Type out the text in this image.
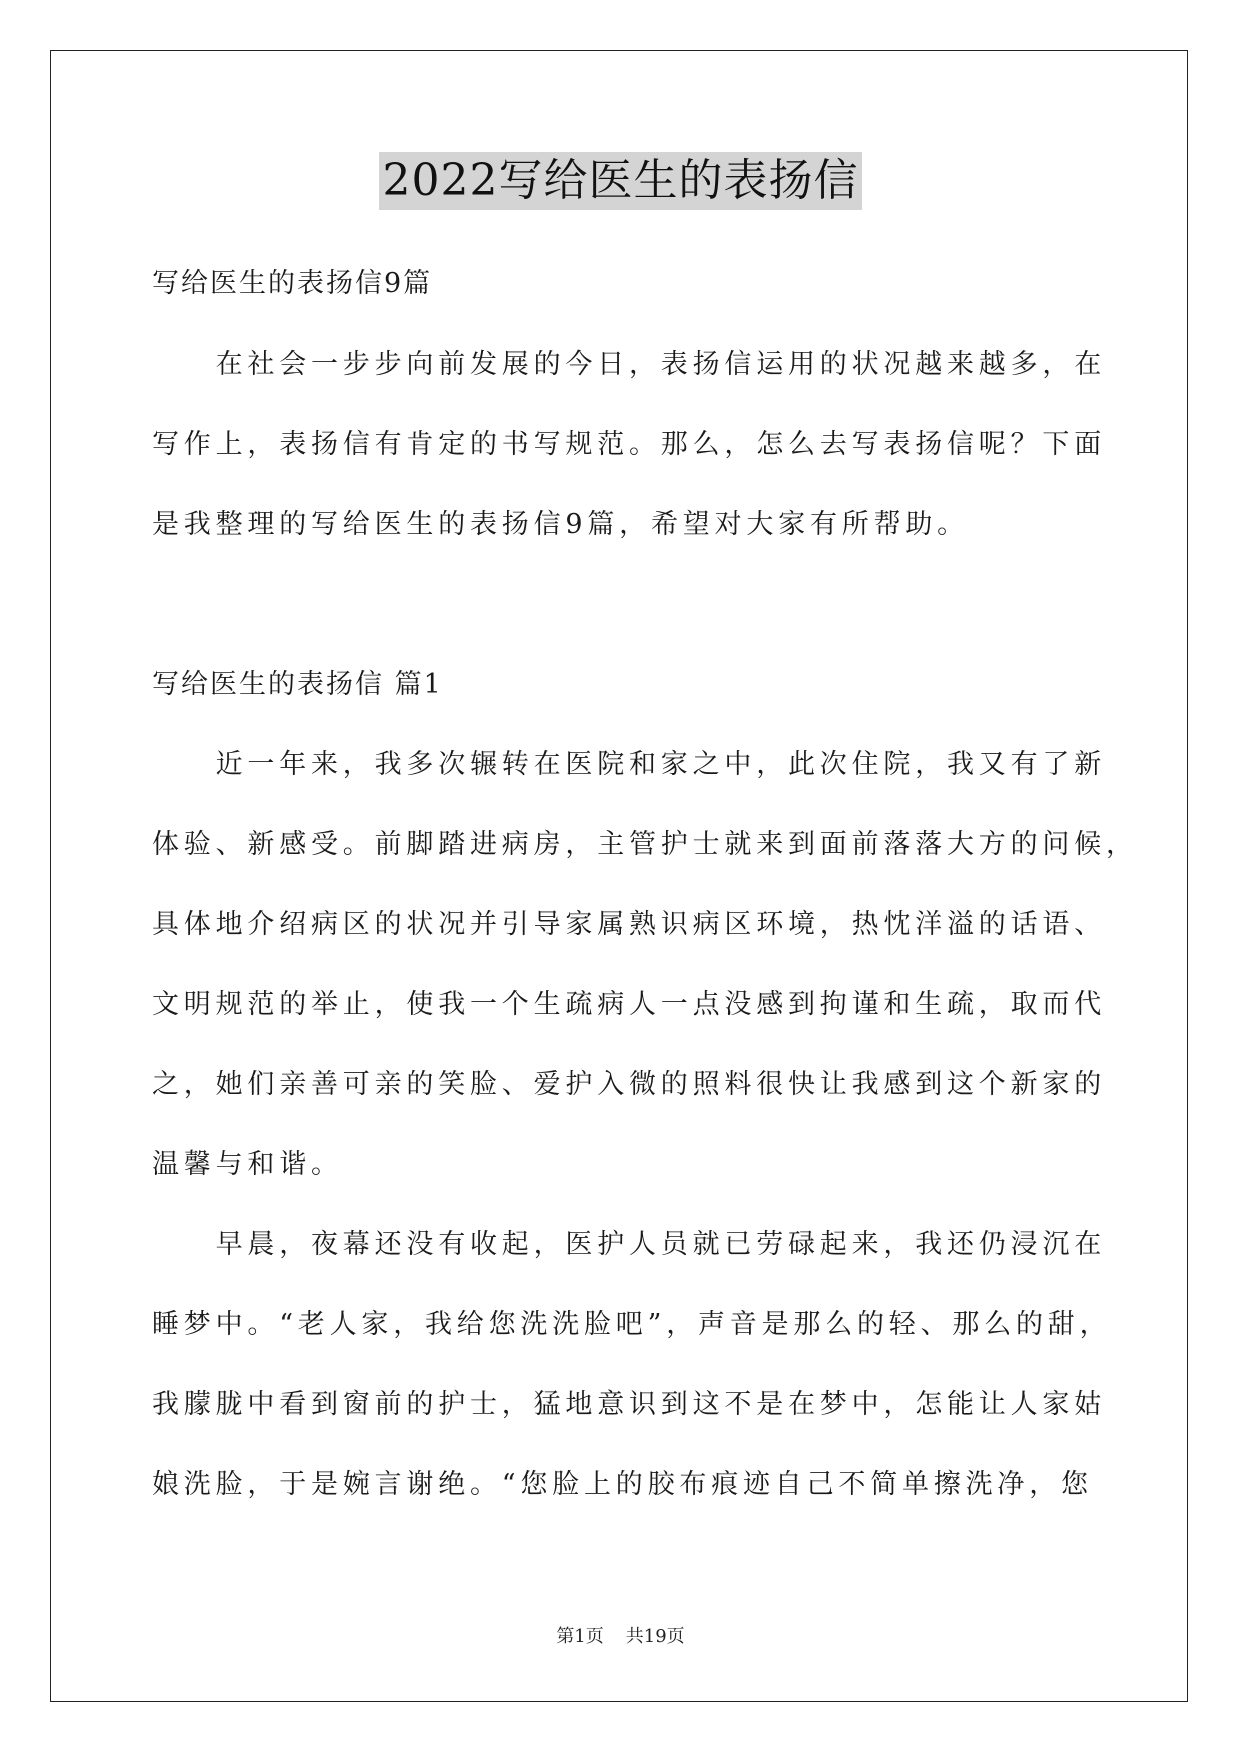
2022写给医生的表扬信
写给医生的表扬信9篇
　　在社会一步步向前发展的今日，表扬信运用的状况越来越多，在
写作上，表扬信有肯定的书写规范。那么，怎么去写表扬信呢？下面
是我整理的写给医生的表扬信9篇，希望对大家有所帮助。
写给医生的表扬信 篇1
　　近一年来，我多次辗转在医院和家之中，此次住院，我又有了新
体验、新感受。前脚踏进病房，主管护士就来到面前落落大方的问候，
具体地介绍病区的状况并引导家属熟识病区环境，热忱洋溢的话语、
文明规范的举止，使我一个生疏病人一点没感到拘谨和生疏，取而代
之，她们亲善可亲的笑脸、爱护入微的照料很快让我感到这个新家的
温馨与和谐。
　　早晨，夜幕还没有收起，医护人员就已劳碌起来，我还仍浸沉在
睡梦中。“老人家，我给您洗洗脸吧”，声音是那么的轻、那么的甜，
我朦胧中看到窗前的护士，猛地意识到这不是在梦中，怎能让人家姑
娘洗脸，于是婉言谢绝。“您脸上的胶布痕迹自己不简单擦洗净，您
第1页 共19页
